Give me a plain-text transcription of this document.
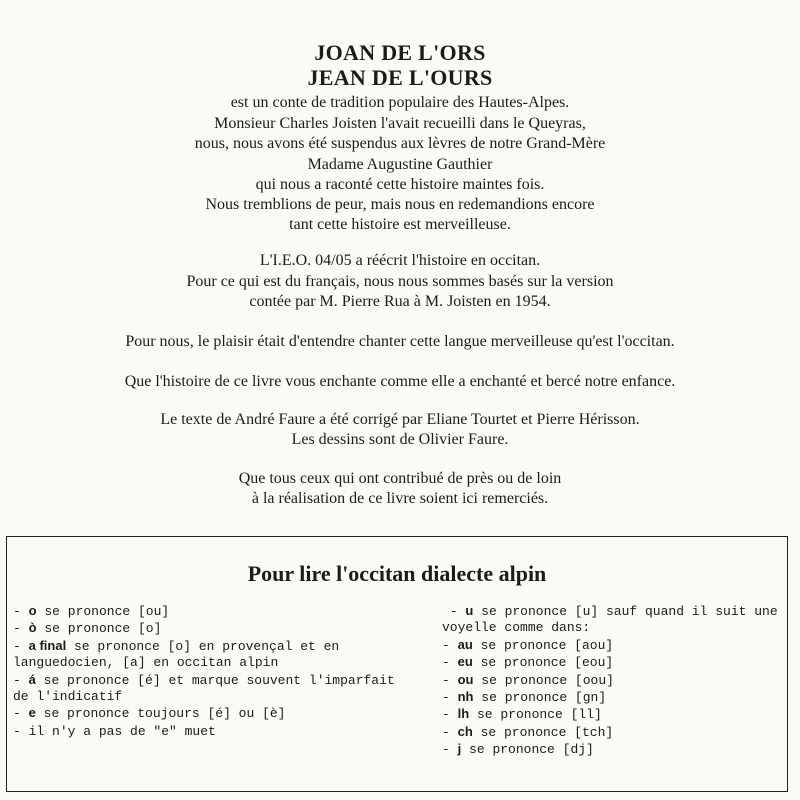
JOAN DE L'ORS
JEAN DE L'OURS
est un conte de tradition populaire des Hautes-Alpes.
Monsieur Charles Joisten l'avait recueilli dans le Queyras,
nous, nous avons été suspendus aux lèvres de notre Grand-Mère
Madame Augustine Gauthier
qui nous a raconté cette histoire maintes fois.
Nous tremblions de peur, mais nous en redemandions encore
tant cette histoire est merveilleuse.
L'I.E.O. 04/05 a réécrit l'histoire en occitan.
Pour ce qui est du français, nous nous sommes basés sur la version
contée par M. Pierre Rua à M. Joisten en 1954.
Pour nous, le plaisir était d'entendre chanter cette langue merveilleuse qu'est l'occitan.
Que l'histoire de ce livre vous enchante comme elle a enchanté et bercé notre enfance.
Le texte de André Faure a été corrigé par Eliane Tourtet et Pierre Hérisson.
Les dessins sont de Olivier Faure.
Que tous ceux qui ont contribué de près ou de loin
à la réalisation de ce livre soient ici remerciés.
Pour lire l'occitan dialecte alpin
- o se prononce [ou]
- ò se prononce [o]
- a final se prononce [o] en provençal et en languedocien, [a] en occitan alpin
- á se prononce [é] et marque souvent l'imparfait de l'indicatif
- e se prononce toujours [é] ou [è]
- il n'y a pas de "e" muet
- u se prononce [u] sauf quand il suit une voyelle comme dans:
- au se prononce [aou]
- eu se prononce [eou]
- ou se prononce [oou]
- nh se prononce [gn]
- lh se prononce [ll]
- ch se prononce [tch]
- j se prononce [dj]
